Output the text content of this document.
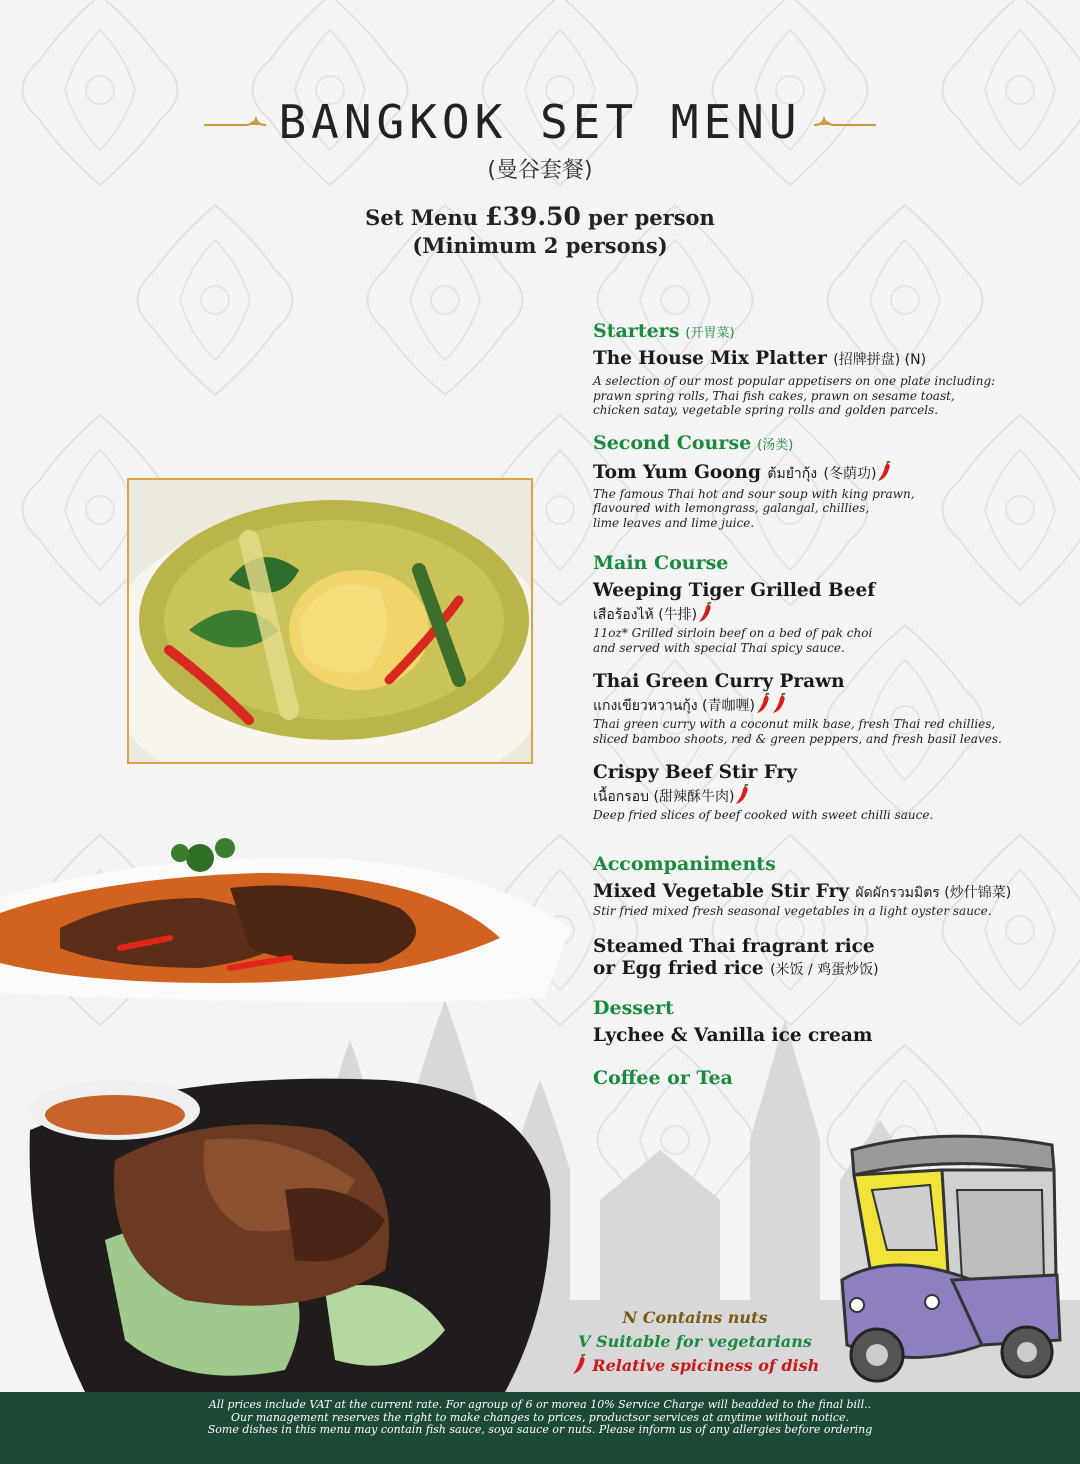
BANGKOK SET MENU
(曼谷套餐)
Set Menu £39.50 per person
(Minimum 2 persons)
Starters (开胃菜)
The House Mix Platter (招牌拼盘) (N)
A selection of our most popular appetisers on one plate including:
prawn spring rolls, Thai fish cakes, prawn on sesame toast,
chicken satay, vegetable spring rolls and golden parcels.
Second Course (汤类)
Tom Yum Goong ต้มยำกุ้ง (冬荫功)
The famous Thai hot and sour soup with king prawn,
flavoured with lemongrass, galangal, chillies,
lime leaves and lime juice.
Main Course
Weeping Tiger Grilled Beef
เสือร้องไห้ (牛排)
11oz* Grilled sirloin beef on a bed of pak choi
and served with special Thai spicy sauce.
Thai Green Curry Prawn
แกงเขียวหวานกุ้ง (青咖喱)
Thai green curry with a coconut milk base, fresh Thai red chillies,
sliced bamboo shoots, red & green peppers, and fresh basil leaves.
Crispy Beef Stir Fry
เนื้อกรอบ (甜辣酥牛肉)
Deep fried slices of beef cooked with sweet chilli sauce.
Accompaniments
Mixed Vegetable Stir Fry ผัดผักรวมมิตร (炒什锦菜)
Stir fried mixed fresh seasonal vegetables in a light oyster sauce.
Steamed Thai fragrant rice
or Egg fried rice (米饭 / 鸡蛋炒饭)
Dessert
Lychee & Vanilla ice cream
Coffee or Tea
N Contains nuts
V Suitable for vegetarians
Relative spiciness of dish
All prices include VAT at the current rate. For agroup of 6 or morea 10% Service Charge will beadded to the final bill..
Our management reserves the right to make changes to prices, productsor services at anytime without notice.
Some dishes in this menu may contain fish sauce, soya sauce or nuts. Please inform us of any allergies before ordering
